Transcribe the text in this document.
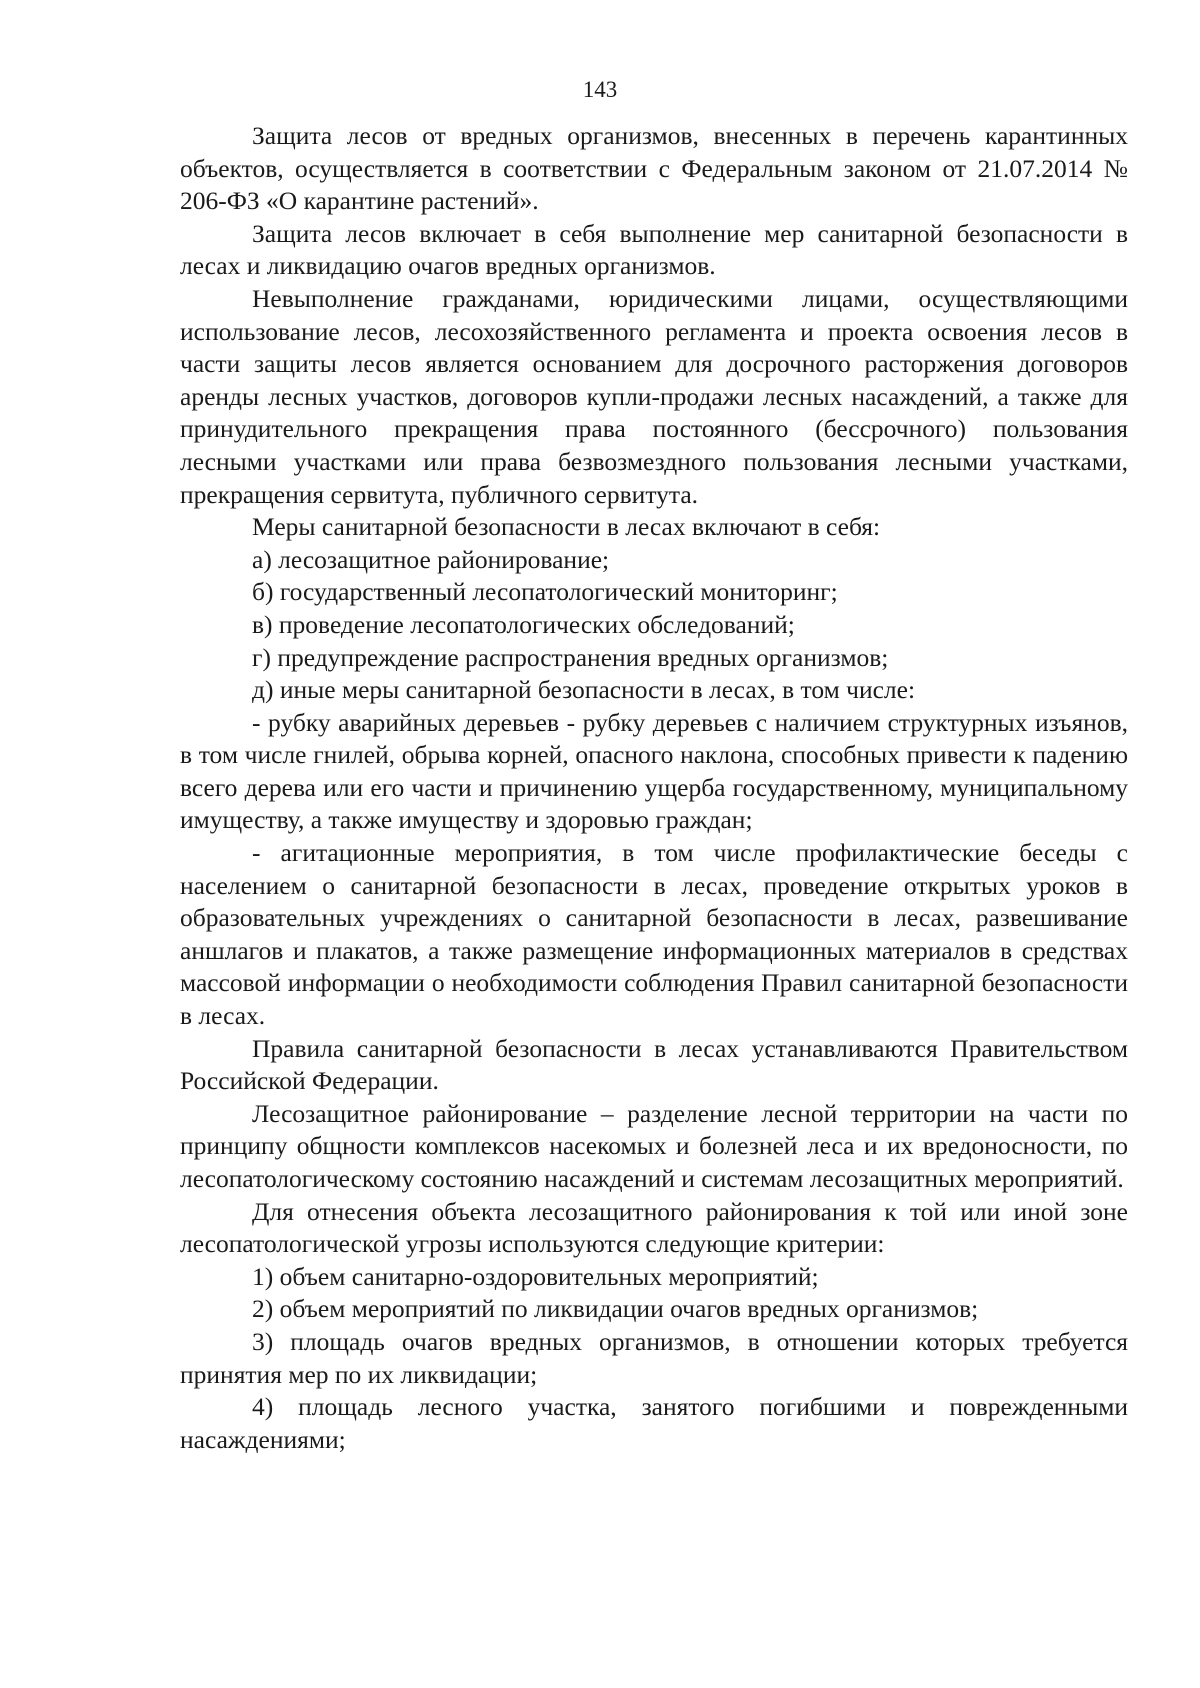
143

Защита лесов от вредных организмов, внесенных в перечень карантинных объектов, осуществляется в соответствии с Федеральным законом от 21.07.2014 № 206-ФЗ «О карантине растений».

Защита лесов включает в себя выполнение мер санитарной безопасности в лесах и ликвидацию очагов вредных организмов.

Невыполнение гражданами, юридическими лицами, осуществляющими использование лесов, лесохозяйственного регламента и проекта освоения лесов в части защиты лесов является основанием для досрочного расторжения договоров аренды лесных участков, договоров купли-продажи лесных насаждений, а также для принудительного прекращения права постоянного (бессрочного) пользования лесными участками или права безвозмездного пользования лесными участками, прекращения сервитута, публичного сервитута.

Меры санитарной безопасности в лесах включают в себя:

а) лесозащитное районирование;

б) государственный лесопатологический мониторинг;

в) проведение лесопатологических обследований;

г) предупреждение распространения вредных организмов;

д) иные меры санитарной безопасности в лесах, в том числе:

- рубку аварийных деревьев - рубку деревьев с наличием структурных изъянов, в том числе гнилей, обрыва корней, опасного наклона, способных привести к падению всего дерева или его части и причинению ущерба государственному, муниципальному имуществу, а также имуществу и здоровью граждан;

- агитационные мероприятия, в том числе профилактические беседы с населением о санитарной безопасности в лесах, проведение открытых уроков в образовательных учреждениях о санитарной безопасности в лесах, развешивание аншлагов и плакатов, а также размещение информационных материалов в средствах массовой информации о необходимости соблюдения Правил санитарной безопасности в лесах.

Правила санитарной безопасности в лесах устанавливаются Правительством Российской Федерации.

Лесозащитное районирование – разделение лесной территории на части по принципу общности комплексов насекомых и болезней леса и их вредоносности, по лесопатологическому состоянию насаждений и системам лесозащитных мероприятий.

Для отнесения объекта лесозащитного районирования к той или иной зоне лесопатологической угрозы используются следующие критерии:

1) объем санитарно-оздоровительных мероприятий;

2) объем мероприятий по ликвидации очагов вредных организмов;

3) площадь очагов вредных организмов, в отношении которых требуется принятия мер по их ликвидации;

4) площадь лесного участка, занятого погибшими и поврежденными насаждениями;
